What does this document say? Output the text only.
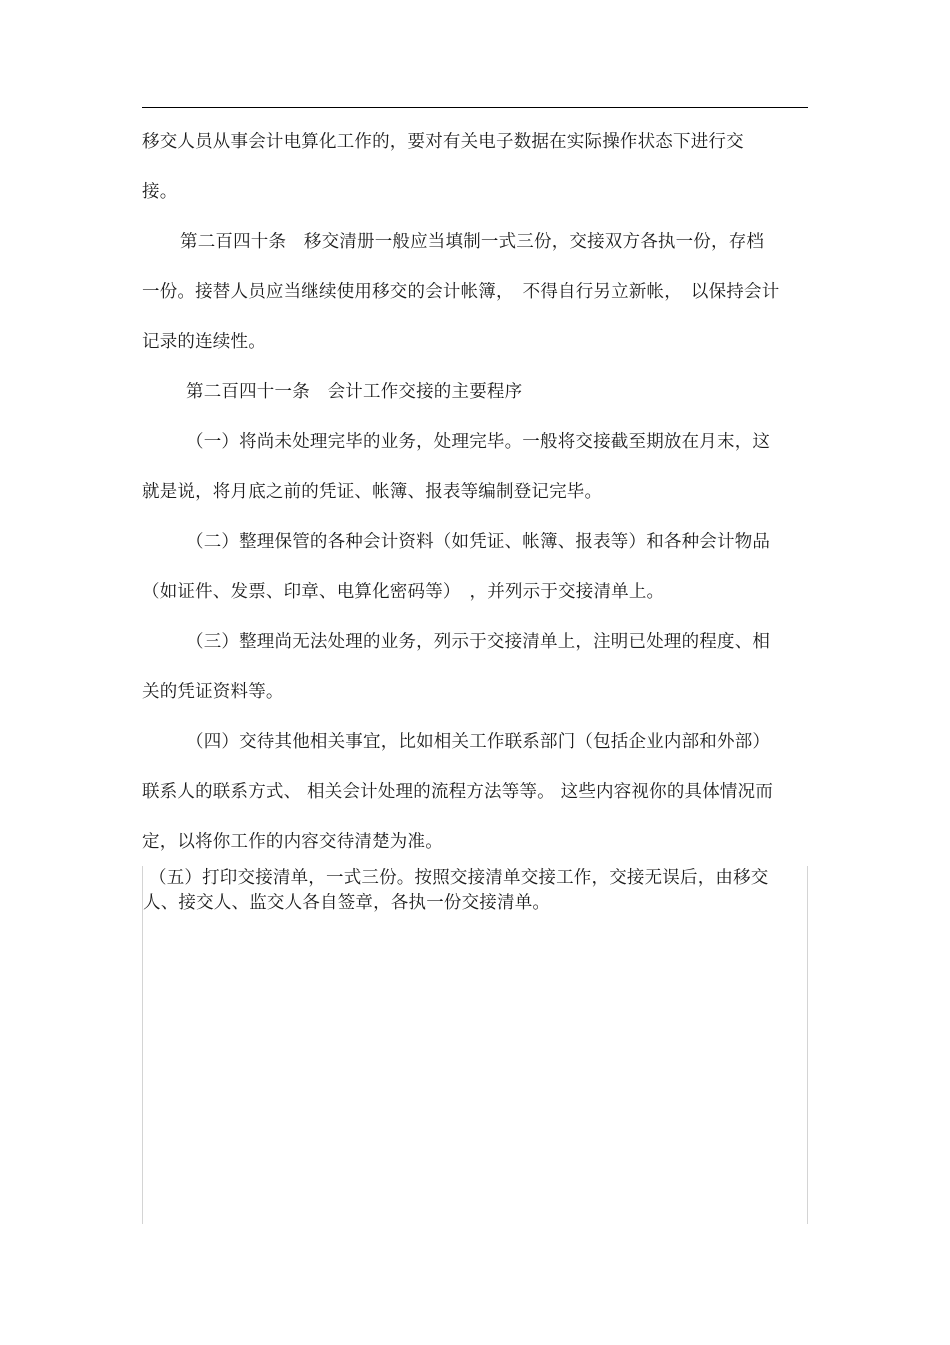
移交人员从事会计电算化工作的，要对有关电子数据在实际操作状态下进行交

接。

第二百四十条　移交清册一般应当填制一式三份，交接双方各执一份，存档

一份。接替人员应当继续使用移交的会计帐簿，　不得自行另立新帐，　以保持会计

记录的连续性。

第二百四十一条　会计工作交接的主要程序

（一）将尚未处理完毕的业务，处理完毕。一般将交接截至期放在月末，这

就是说，将月底之前的凭证、帐簿、报表等编制登记完毕。

（二）整理保管的各种会计资料（如凭证、帐簿、报表等）和各种会计物品

（如证件、发票、印章、电算化密码等）　，并列示于交接清单上。

（三）整理尚无法处理的业务，列示于交接清单上，注明已处理的程度、相

关的凭证资料等。

（四）交待其他相关事宜，比如相关工作联系部门（包括企业内部和外部）

联系人的联系方式、 相关会计处理的流程方法等等。 这些内容视你的具体情况而

定，以将你工作的内容交待清楚为准。

（五）打印交接清单，一式三份。按照交接清单交接工作，交接无误后，由移交

人、接交人、监交人各自签章，各执一份交接清单。
